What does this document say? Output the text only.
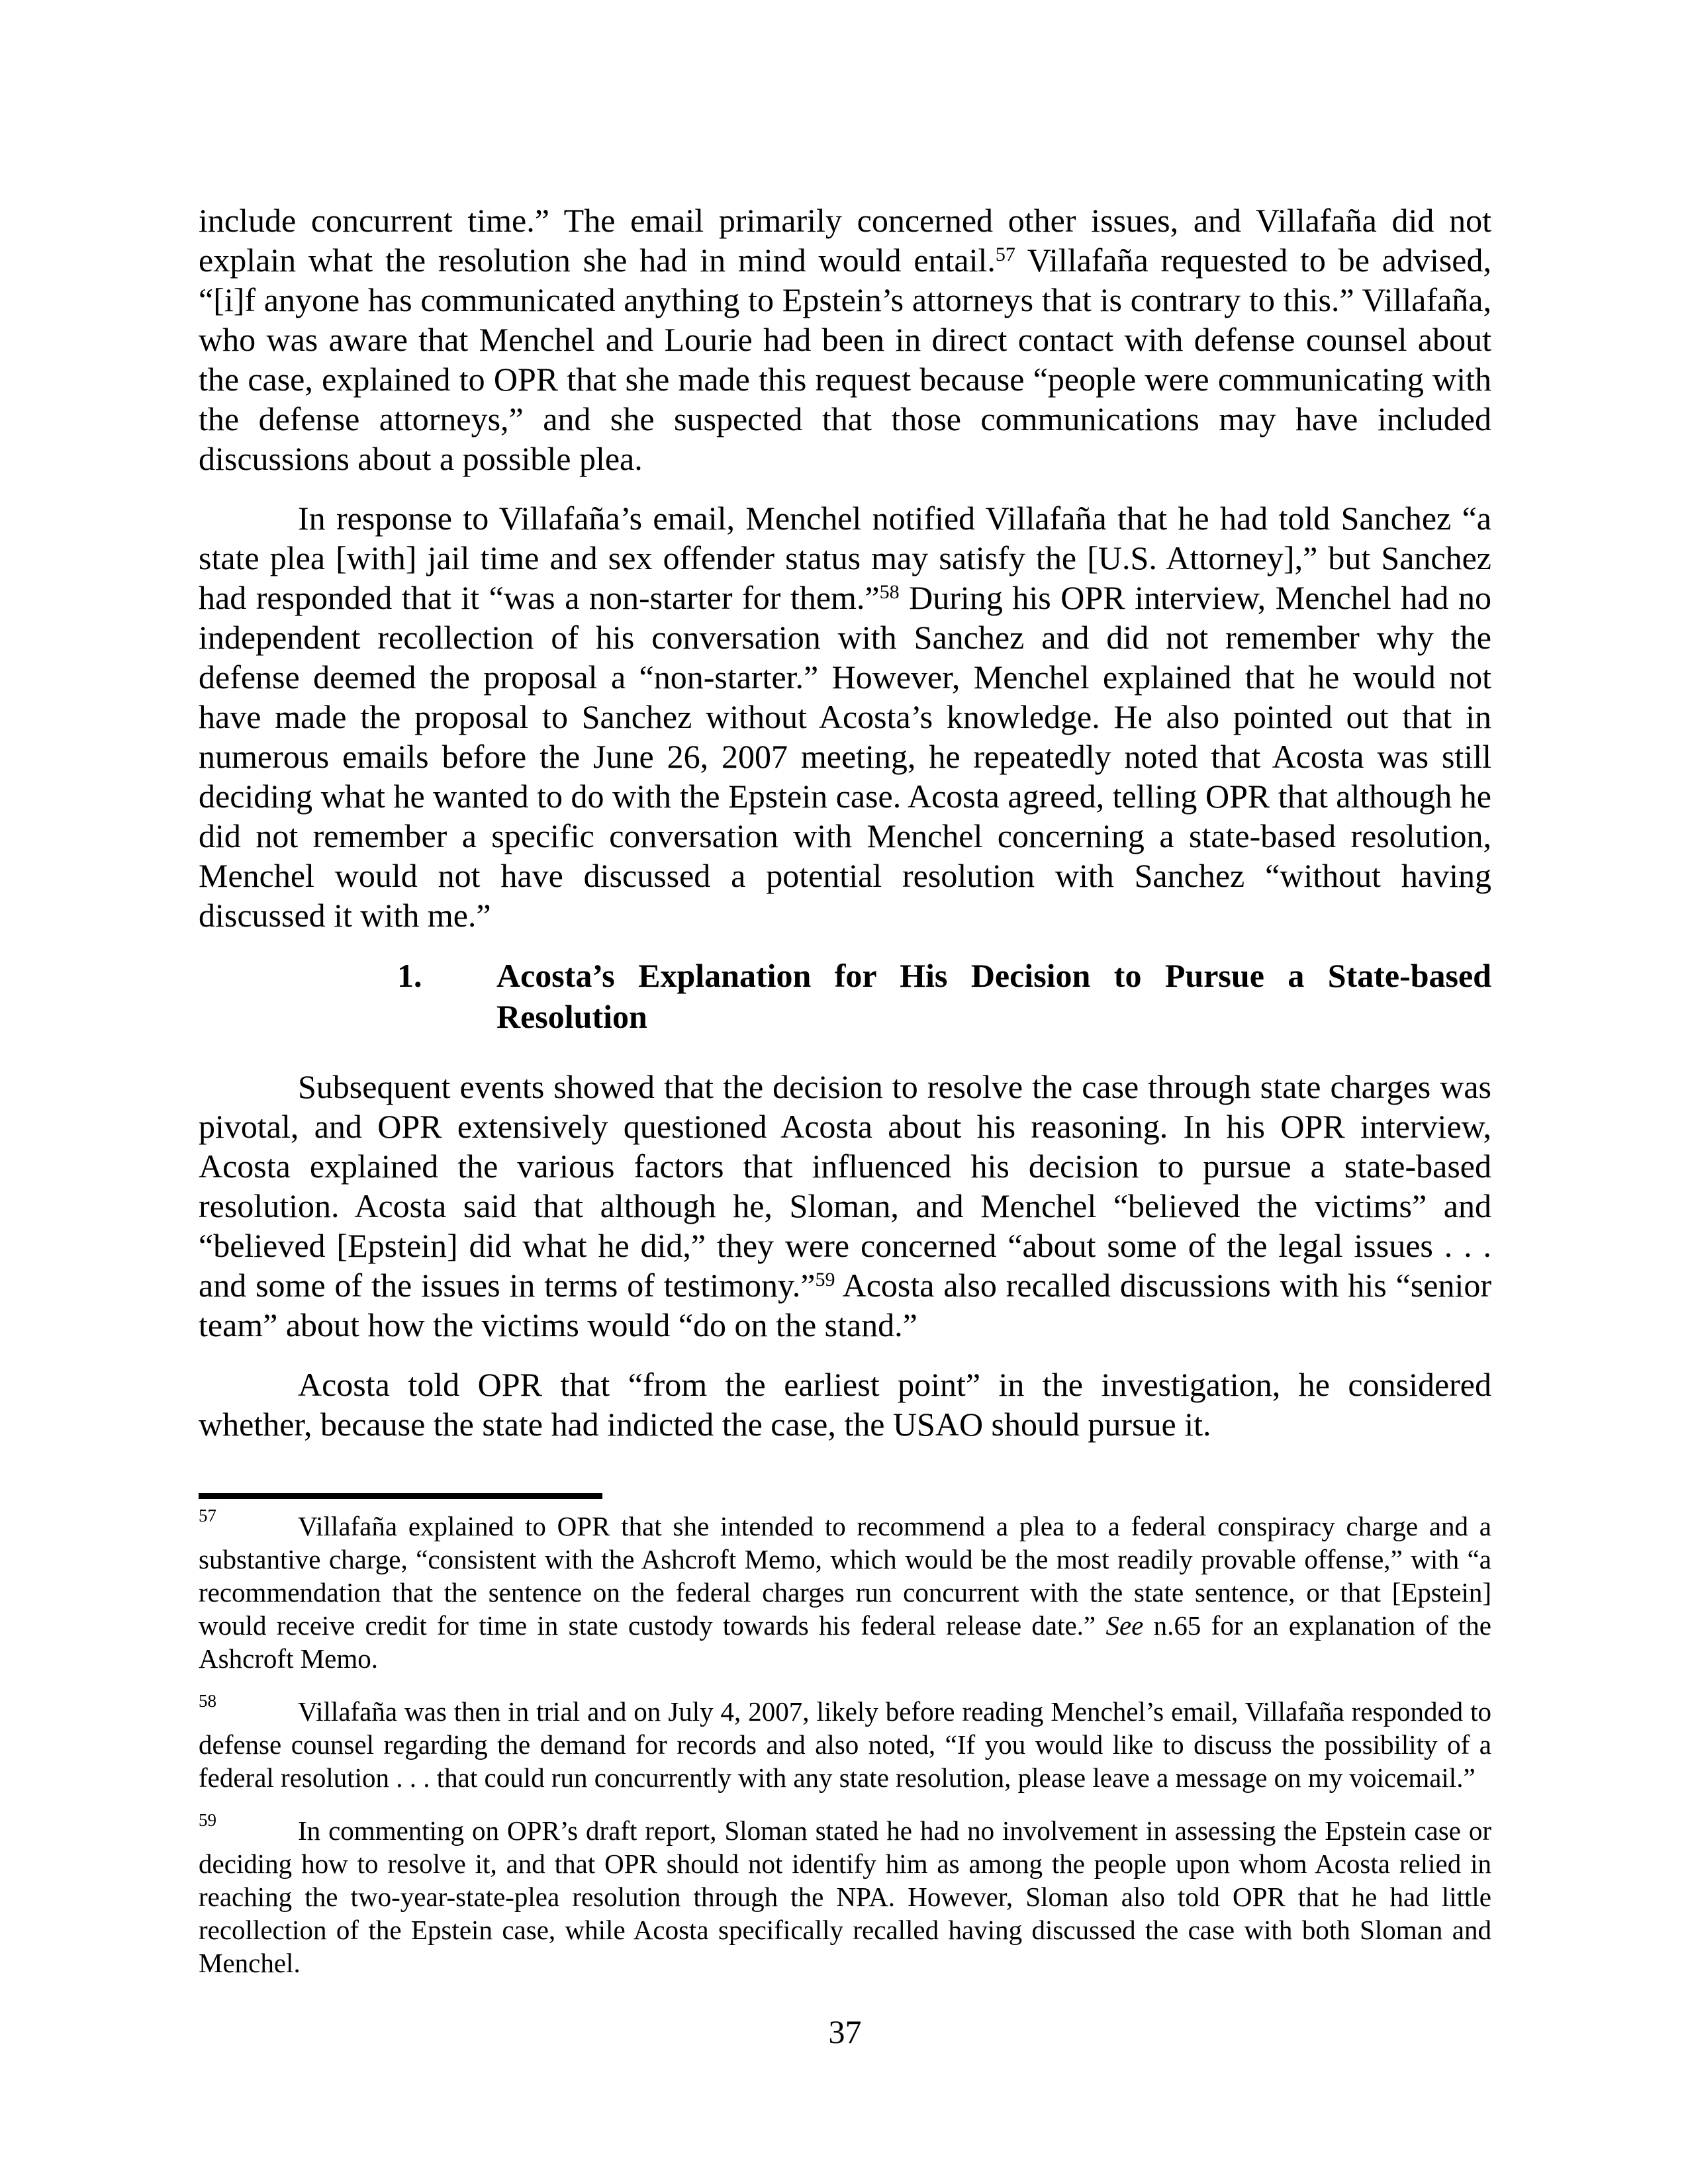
include concurrent time.” The email primarily concerned other issues, and Villafaña did not explain what the resolution she had in mind would entail.$^{57}$ Villafaña requested to be advised, “[i]f anyone has communicated anything to Epstein’s attorneys that is contrary to this.” Villafaña, who was aware that Menchel and Lourie had been in direct contact with defense counsel about the case, explained to OPR that she made this request because “people were communicating with the defense attorneys,” and she suspected that those communications may have included discussions about a possible plea.

In response to Villafaña’s email, Menchel notified Villafaña that he had told Sanchez “a state plea [with] jail time and sex offender status may satisfy the [U.S. Attorney],” but Sanchez had responded that it “was a non-starter for them.”$^{58}$ During his OPR interview, Menchel had no independent recollection of his conversation with Sanchez and did not remember why the defense deemed the proposal a “non-starter.” However, Menchel explained that he would not have made the proposal to Sanchez without Acosta’s knowledge. He also pointed out that in numerous emails before the June 26, 2007 meeting, he repeatedly noted that Acosta was still deciding what he wanted to do with the Epstein case. Acosta agreed, telling OPR that although he did not remember a specific conversation with Menchel concerning a state-based resolution, Menchel would not have discussed a potential resolution with Sanchez “without having discussed it with me.”

1.	Acosta’s Explanation for His Decision to Pursue a State-based Resolution

Subsequent events showed that the decision to resolve the case through state charges was pivotal, and OPR extensively questioned Acosta about his reasoning. In his OPR interview, Acosta explained the various factors that influenced his decision to pursue a state-based resolution. Acosta said that although he, Sloman, and Menchel “believed the victims” and “believed [Epstein] did what he did,” they were concerned “about some of the legal issues . . . and some of the issues in terms of testimony.”$^{59}$ Acosta also recalled discussions with his “senior team” about how the victims would “do on the stand.”

Acosta told OPR that “from the earliest point” in the investigation, he considered whether, because the state had indicted the case, the USAO should pursue it.

57	Villafaña explained to OPR that she intended to recommend a plea to a federal conspiracy charge and a substantive charge, “consistent with the Ashcroft Memo, which would be the most readily provable offense,” with “a recommendation that the sentence on the federal charges run concurrent with the state sentence, or that [Epstein] would receive credit for time in state custody towards his federal release date.” See n.65 for an explanation of the Ashcroft Memo.

58	Villafaña was then in trial and on July 4, 2007, likely before reading Menchel’s email, Villafaña responded to defense counsel regarding the demand for records and also noted, “If you would like to discuss the possibility of a federal resolution . . . that could run concurrently with any state resolution, please leave a message on my voicemail.”

59	In commenting on OPR’s draft report, Sloman stated he had no involvement in assessing the Epstein case or deciding how to resolve it, and that OPR should not identify him as among the people upon whom Acosta relied in reaching the two-year-state-plea resolution through the NPA. However, Sloman also told OPR that he had little recollection of the Epstein case, while Acosta specifically recalled having discussed the case with both Sloman and Menchel.

37
